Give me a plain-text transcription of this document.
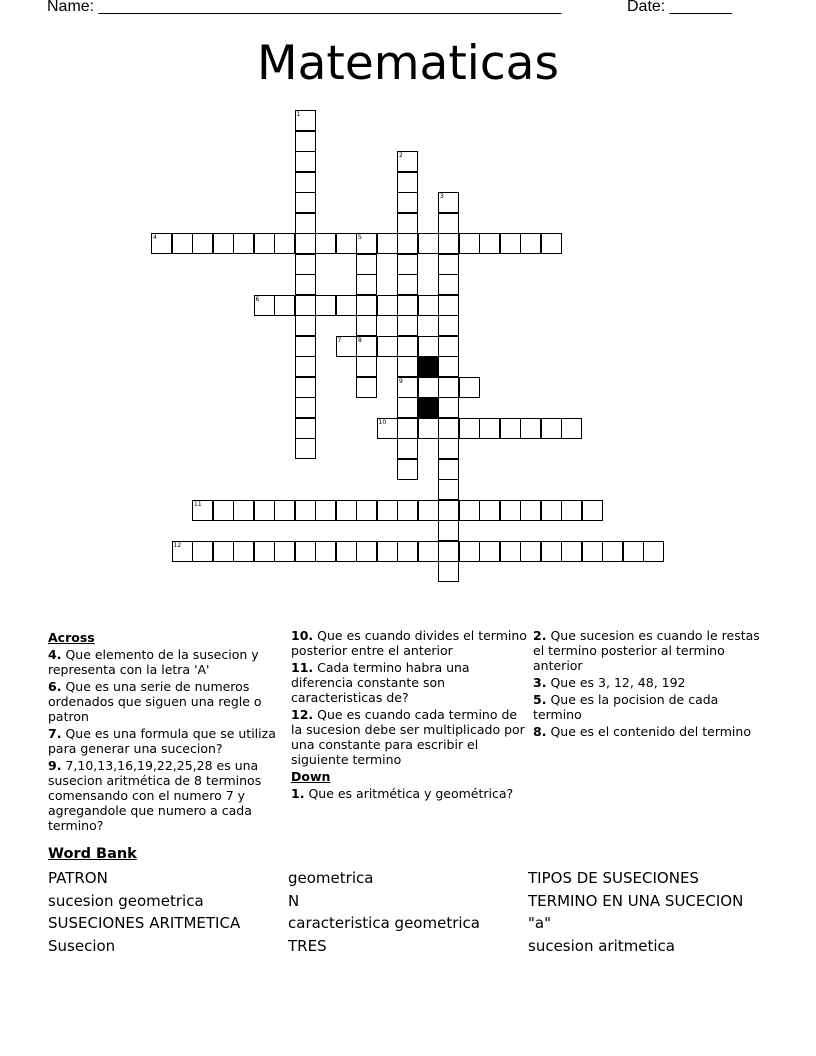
Name: ____________________________________________________	Date: _______
Matematicas
1
2
9
3
4	5
8
6
7
10
11
12
Across
4. Que elemento de la susecion y representa con la letra 'A'
6. Que es una serie de numeros ordenados que siguen una regle o patron
7. Que es una formula que se utiliza para generar una sucecion?
9. 7,10,13,16,19,22,25,28 es una susecion aritmética de 8 terminos comensando con el numero 7 y agregandole que numero a cada termino?
10. Que es cuando divides el termino posterior entre el anterior
11. Cada termino habra una diferencia constante son caracteristicas de?
12. Que es cuando cada termino de la sucesion debe ser multiplicado por una constante para escribir el siguiente termino
Down
1. Que es aritmética y geométrica?
2. Que sucesion es cuando le restas el termino posterior al termino anterior
3. Que es 3, 12, 48, 192
5. Que es la pocision de cada termino
8. Que es el contenido del termino
Word Bank
PATRON	geometrica	TIPOS DE SUSECIONES
sucesion geometrica	N	TERMINO EN UNA SUCECION
SUSECIONES ARITMETICA	caracteristica geometrica	"a"
Susecion	TRES	sucesion aritmetica
